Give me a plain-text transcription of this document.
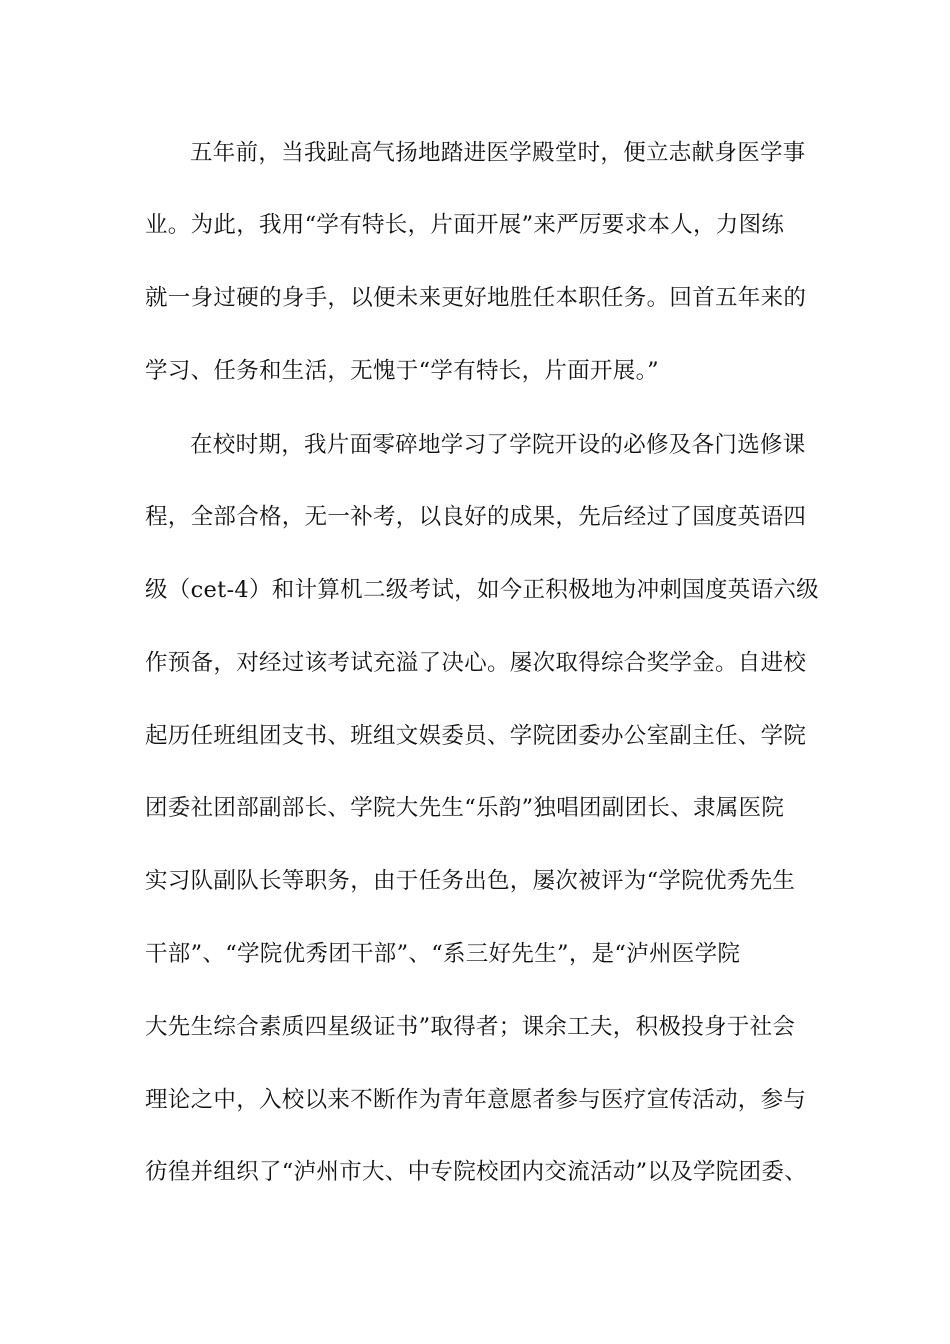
五年前，当我趾高气扬地踏进医学殿堂时，便立志献身医学事
业。为此，我用“学有特长，片面开展”来严厉要求本人，力图练
就一身过硬的身手，以便未来更好地胜任本职任务。回首五年来的
学习、任务和生活，无愧于“学有特长，片面开展。”
在校时期，我片面零碎地学习了学院开设的必修及各门选修课
程，全部合格，无一补考，以良好的成果，先后经过了国度英语四
级（cet-4）和计算机二级考试，如今正积极地为冲刺国度英语六级
作预备，对经过该考试充溢了决心。屡次取得综合奖学金。自进校
起历任班组团支书、班组文娱委员、学院团委办公室副主任、学院
团委社团部副部长、学院大先生“乐韵”独唱团副团长、隶属医院
实习队副队长等职务，由于任务出色，屡次被评为“学院优秀先生
干部”、“学院优秀团干部”、“系三好先生”，是“泸州医学院
大先生综合素质四星级证书”取得者；课余工夫，积极投身于社会
理论之中，入校以来不断作为青年意愿者参与医疗宣传活动，参与
彷徨并组织了“泸州市大、中专院校团内交流活动”以及学院团委、
